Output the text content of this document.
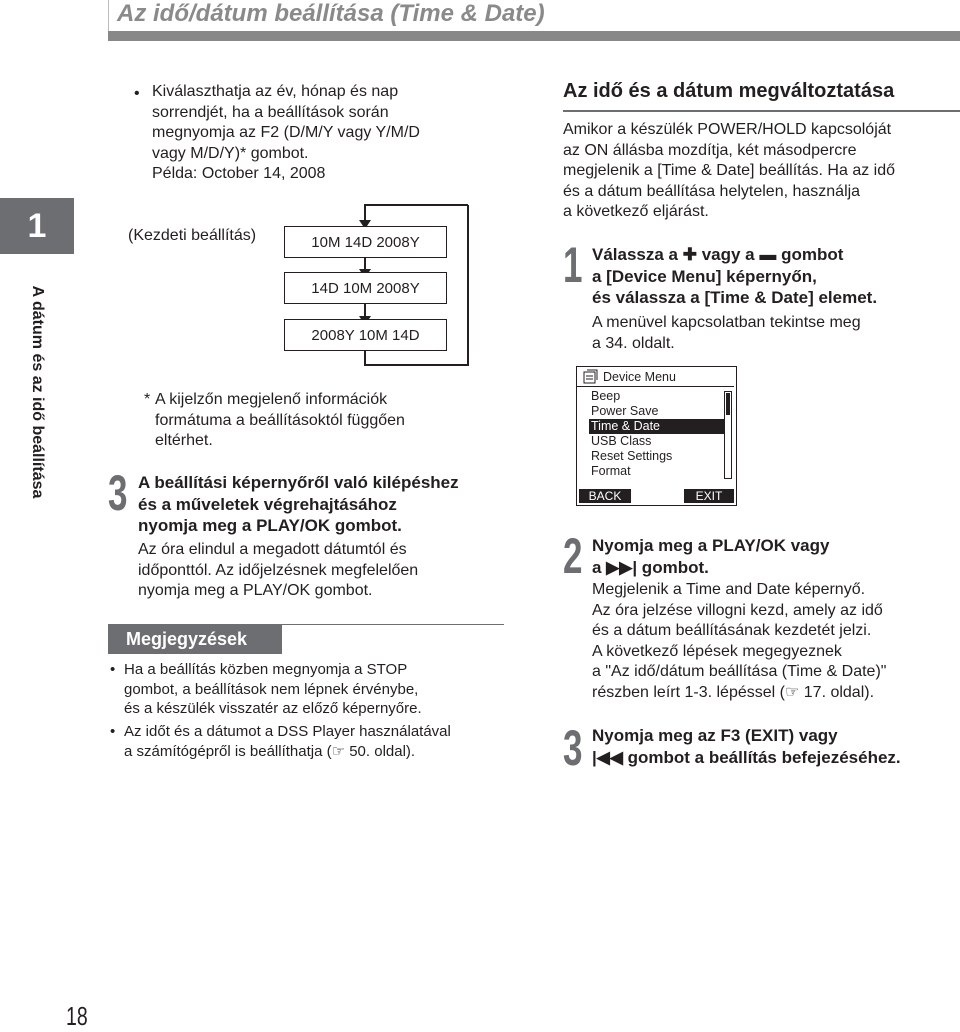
Az idő/dátum beállítása (Time & Date)
1
A dátum és az idő beállítása
• Kiválaszthatja az év, hónap és nap
sorrendjét, ha a beállítások során
megnyomja az F2 (D/M/Y vagy Y/M/D
vagy M/D/Y)* gombot.
Példa: October 14, 2008
(Kezdeti beállítás)	10M 14D 2008Y
14D 10M 2008Y
2008Y 10M 14D
* A kijelzőn megjelenő információk
formátuma a beállításoktól függően
eltérhet.
3 A beállítási képernyőről való kilépéshez
és a műveletek végrehajtásához
nyomja meg a PLAY/OK gombot.
Az óra elindul a megadott dátumtól és
időponttól. Az időjelzésnek megfelelően
nyomja meg a PLAY/OK gombot.
Megjegyzések
• Ha a beállítás közben megnyomja a STOP
gombot, a beállítások nem lépnek érvénybe,
és a készülék visszatér az előző képernyőre.
• Az időt és a dátumot a DSS Player használatával
a számítógépről is beállíthatja (☞ 50. oldal).
Az idő és a dátum megváltoztatása
Amikor a készülék POWER/HOLD kapcsolóját
az ON állásba mozdítja, két másodpercre
megjelenik a [Time & Date] beállítás. Ha az idő
és a dátum beállítása helytelen, használja
a következő eljárást.
1 Válassza a ✚ vagy a ▬ gombot
a [Device Menu] képernyőn,
és válassza a [Time & Date] elemet.
A menüvel kapcsolatban tekintse meg
a 34. oldalt.
Device Menu
Beep
Power Save
Time & Date
USB Class
Reset Settings
Format
BACK	EXIT
2 Nyomja meg a PLAY/OK vagy
a ▶▶| gombot.
Megjelenik a Time and Date képernyő.
Az óra jelzése villogni kezd, amely az idő
és a dátum beállításának kezdetét jelzi.
A következő lépések megegyeznek
a "Az idő/dátum beállítása (Time & Date)"
részben leírt 1-3. lépéssel (☞ 17. oldal).
3 Nyomja meg az F3 (EXIT) vagy
|◀◀ gombot a beállítás befejezéséhez.
18
